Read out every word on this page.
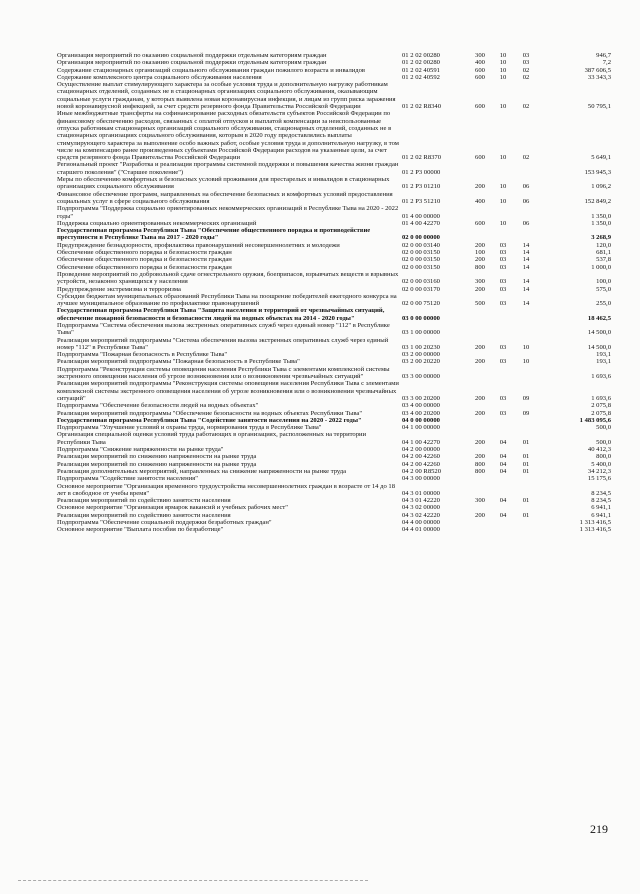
Организация мероприятий по оказанию социальной поддержки отдельным категориям граждан	01 2 02 00280	300	10	03	946,7
Организация мероприятий по оказанию социальной поддержки отдельным категориям граждан	01 2 02 00280	400	10	03	7,2
Содержание стационарных организаций социального обслуживания граждан пожилого возраста и инвалидов	01 2 02 40591	600	10	02	387 606,5
Содержание комплексного центра социального обслуживания населения	01 2 02 40592	600	10	02	33 343,3
Осуществление выплат стимулирующего характера за особые условия труда и дополнительную нагрузку работникам стационарных отделений, созданных не в стационарных организациях социального обслуживания, оказывающим социальные услуги гражданам, у которых выявлена новая коронавирусная инфекция, и лицам из групп риска заражения новой коронавирусной инфекцией, за счет средств резервного фонда Правительства Российской Федерации	01 2 02 R8340	600	10	02	50 795,1
Иные межбюджетные трансферты на софинансирование расходных обязательств субъектов Российской Федерации по финансовому обеспечению расходов, связанных с оплатой отпусков и выплатой компенсации за неиспользованные отпуска работникам стационарных организаций социального обслуживания, стационарных отделений, созданных не в стационарных организациях социального обслуживания, которым в 2020 году предоставлялись выплаты стимулирующего характера за выполнение особо важных работ, особые условия труда и дополнительную нагрузку, в том числе на компенсацию ранее произведенных субъектами Российской Федерации расходов на указанные цели, за счет средств резервного фонда Правительства Российской Федерации	01 2 02 R8370	600	10	02	5 649,1
Региональный проект "Разработка и реализация программы системной поддержки и повышения качества жизни граждан старшего поколения" ("Старшее поколение")	01 2 P3 00000				153 945,3
Меры по обеспечению комфортных и безопасных условий проживания для престарелых и инвалидов в стационарных организациях социального обслуживания	01 2 P3 01210	200	10	06	1 096,2
Финансовое обеспечение программ, направленных на обеспечение безопасных и комфортных условий предоставления социальных услуг в сфере социального обслуживания	01 2 P3 51210	400	10	06	152 849,2
Подпрограмма "Поддержка социально ориентированных некоммерческих организаций в Республике Тыва на 2020 - 2022 годы"	01 4 00 00000				1 350,0
Поддержка социально ориентированных некоммерческих организаций	01 4 00 42270	600	10	06	1 350,0
Государственная программа Республики Тыва "Обеспечение общественного порядка и противодействие преступности в Республике Тыва на 2017 - 2020 годы"	02 0 00 00000				3 268,9
Предупреждение безнадзорности, профилактика правонарушений несовершеннолетних и молодежи	02 0 00 03140	200	03	14	120,0
Обеспечение общественного порядка и безопасности граждан	02 0 00 03150	100	03	14	681,1
Обеспечение общественного порядка и безопасности граждан	02 0 00 03150	200	03	14	537,8
Обеспечение общественного порядка и безопасности граждан	02 0 00 03150	800	03	14	1 000,0
Проведение мероприятий по добровольной сдаче огнестрельного оружия, боеприпасов, взрывчатых веществ и взрывных устройств, незаконно хранящихся у населения	02 0 00 03160	300	03	14	100,0
Предупреждение экстремизма и терроризма	02 0 00 03170	200	03	14	575,0
Субсидии бюджетам муниципальных образований Республики Тыва на поощрение победителей ежегодного конкурса на лучшее муниципальное образование по профилактике правонарушений	02 0 00 75120	500	03	14	255,0
Государственная программа Республики Тыва "Защита населения и территорий от чрезвычайных ситуаций, обеспечение пожарной безопасности и безопасности людей на водных объектах на 2014 - 2020 годы"	03 0 00 00000				18 462,5
Подпрограмма "Система обеспечения вызова экстренных оперативных служб через единый номер "112" в Республике Тыва"	03 1 00 00000				14 500,0
Реализация мероприятий подпрограммы "Система обеспечения вызова экстренных оперативных служб через единый номер "112" в Республике Тыва"	03 1 00 20230	200	03	10	14 500,0
Подпрограмма "Пожарная безопасность в Республике Тыва"	03 2 00 00000				193,1
Реализация мероприятий подпрограммы "Пожарная безопасность в Республике Тыва"	03 2 00 20220	200	03	10	193,1
Подпрограмма "Реконструкция системы оповещения населения Республики Тыва с элементами комплексной системы экстренного оповещения населения об угрозе возникновения или о возникновении чрезвычайных ситуаций"	03 3 00 00000				1 693,6
Реализация мероприятий подпрограммы "Реконструкция системы оповещения населения Республики Тыва с элементами комплексной системы экстренного оповещения населения об угрозе возникновения или о возникновении чрезвычайных ситуаций"	03 3 00 20200	200	03	09	1 693,6
Подпрограмма "Обеспечение безопасности людей на водных объектах"	03 4 00 00000				2 075,8
Реализация мероприятий подпрограммы "Обеспечение безопасности на водных объектах Республики Тыва"	03 4 00 20200	200	03	09	2 075,8
Государственная программа Республики Тыва "Содействие занятости населения на 2020 - 2022 годы"	04 0 00 00000				1 483 095,6
Подпрограмма "Улучшение условий и охраны труда, нормирования труда в Республике Тыва"	04 1 00 00000				500,0
Организация специальной оценки условий труда работающих в организациях, расположенных на территории Республики Тыва	04 1 00 42270	200	04	01	500,0
Подпрограмма "Снижение напряженности на рынке труда"	04 2 00 00000				40 412,3
Реализация мероприятий по снижению напряженности на рынке труда	04 2 00 42260	200	04	01	800,0
Реализация мероприятий по снижению напряженности на рынке труда	04 2 00 42260	800	04	01	5 400,0
Реализация дополнительных мероприятий, направленных на снижение напряженности на рынке труда	04 2 00 R8520	800	04	01	34 212,3
Подпрограмма "Содействие занятости населения"	04 3 00 00000				15 175,6
Основное мероприятие "Организация временного трудоустройства несовершеннолетних граждан в возрасте от 14 до 18 лет в свободное от учебы время"	04 3 01 00000				8 234,5
Реализация мероприятий по содействию занятости населения	04 3 01 42220	300	04	01	8 234,5
Основное мероприятие "Организация ярмарок вакансий и учебных рабочих мест"	04 3 02 00000				6 941,1
Реализация мероприятий по содействию занятости населения	04 3 02 42220	200	04	01	6 941,1
Подпрограмма "Обеспечение социальной поддержки безработных граждан"	04 4 00 00000				1 313 416,5
Основное мероприятие "Выплата пособия по безработице"	04 4 01 00000				1 313 416,5
219
